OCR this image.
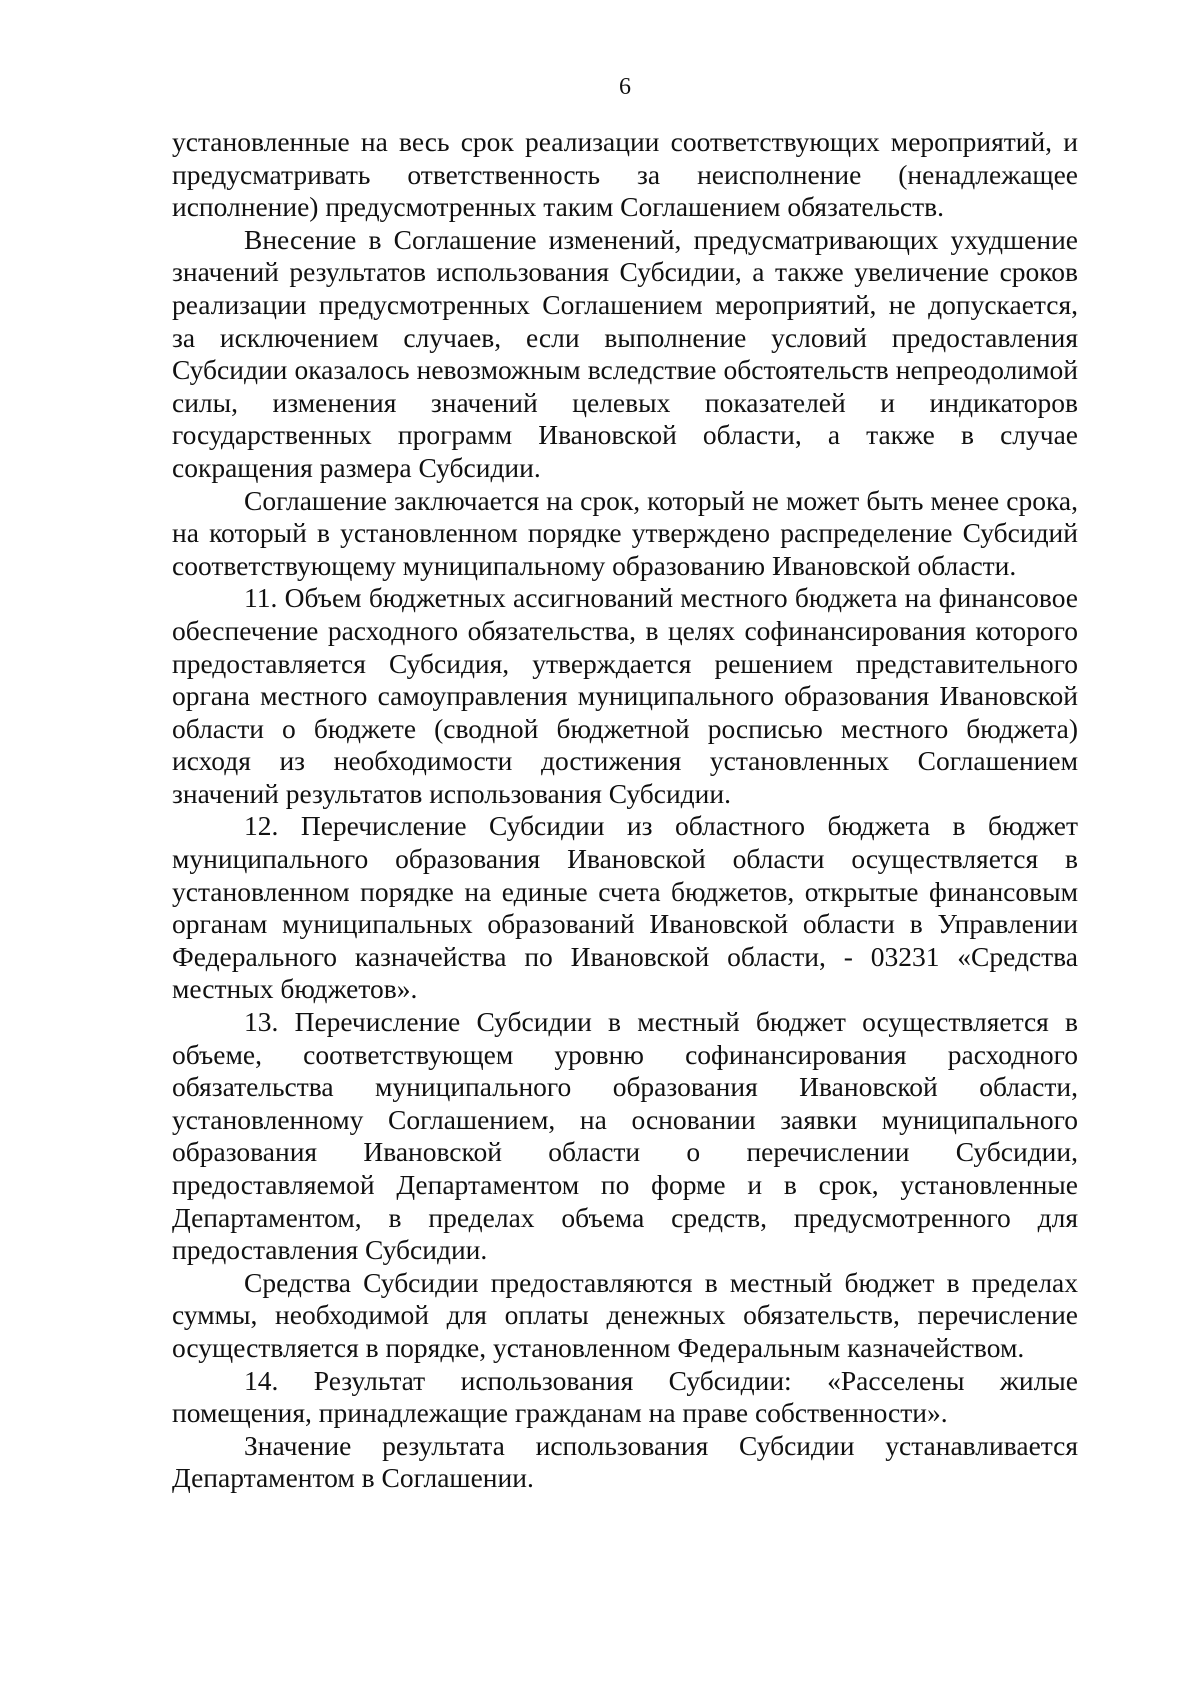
6

установленные на весь срок реализации соответствующих мероприятий, и предусматривать ответственность за неисполнение (ненадлежащее исполнение) предусмотренных таким Соглашением обязательств.

Внесение в Соглашение изменений, предусматривающих ухудшение значений результатов использования Субсидии, а также увеличение сроков реализации предусмотренных Соглашением мероприятий, не допускается, за исключением случаев, если выполнение условий предоставления Субсидии оказалось невозможным вследствие обстоятельств непреодолимой силы, изменения значений целевых показателей и индикаторов государственных программ Ивановской области, а также в случае сокращения размера Субсидии.

Соглашение заключается на срок, который не может быть менее срока, на который в установленном порядке утверждено распределение Субсидий соответствующему муниципальному образованию Ивановской области.

11. Объем бюджетных ассигнований местного бюджета на финансовое обеспечение расходного обязательства, в целях софинансирования которого предоставляется Субсидия, утверждается решением представительного органа местного самоуправления муниципального образования Ивановской области о бюджете (сводной бюджетной росписью местного бюджета) исходя из необходимости достижения установленных Соглашением значений результатов использования Субсидии.

12. Перечисление Субсидии из областного бюджета в бюджет муниципального образования Ивановской области осуществляется в установленном порядке на единые счета бюджетов, открытые финансовым органам муниципальных образований Ивановской области в Управлении Федерального казначейства по Ивановской области, - 03231 «Средства местных бюджетов».

13. Перечисление Субсидии в местный бюджет осуществляется в объеме, соответствующем уровню софинансирования расходного обязательства муниципального образования Ивановской области, установленному Соглашением, на основании заявки муниципального образования Ивановской области о перечислении Субсидии, предоставляемой Департаментом по форме и в срок, установленные Департаментом, в пределах объема средств, предусмотренного для предоставления Субсидии.

Средства Субсидии предоставляются в местный бюджет в пределах суммы, необходимой для оплаты денежных обязательств, перечисление осуществляется в порядке, установленном Федеральным казначейством.

14. Результат использования Субсидии: «Расселены жилые помещения, принадлежащие гражданам на праве собственности».

Значение результата использования Субсидии устанавливается Департаментом в Соглашении.
